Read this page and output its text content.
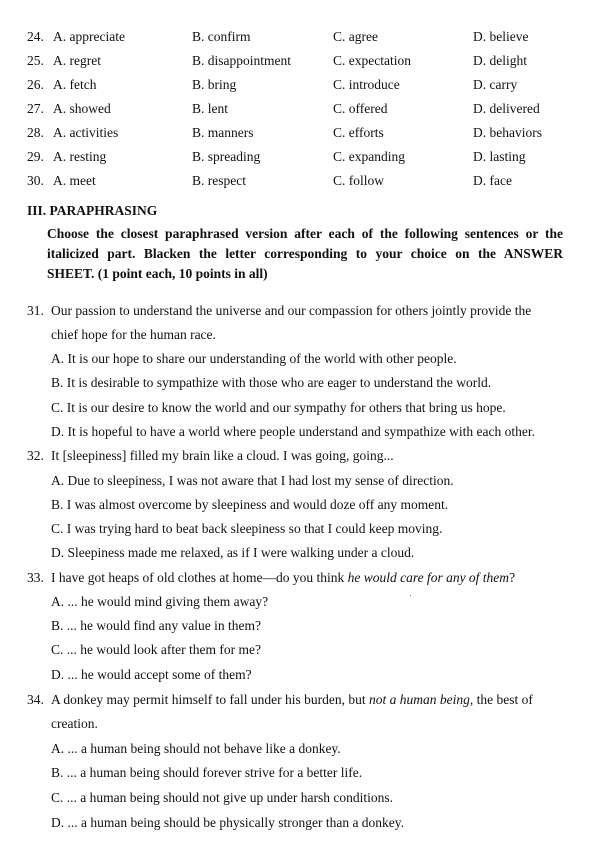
24. A. appreciate	B. confirm	C. agree	D. believe
25. A. regret	B. disappointment	C. expectation	D. delight
26. A. fetch	B. bring	C. introduce	D. carry
27. A. showed	B. lent	C. offered	D. delivered
28. A. activities	B. manners	C. efforts	D. behaviors
29. A. resting	B. spreading	C. expanding	D. lasting
30. A. meet	B. respect	C. follow	D. face
III. PARAPHRASING
Choose the closest paraphrased version after each of the following sentences or the
italicized part. Blacken the letter corresponding to your choice on the ANSWER
SHEET. (1 point each, 10 points in all)
31. Our passion to understand the universe and our compassion for others jointly provide the
chief hope for the human race.
A. It is our hope to share our understanding of the world with other people.
B. It is desirable to sympathize with those who are eager to understand the world.
C. It is our desire to know the world and our sympathy for others that bring us hope.
D. It is hopeful to have a world where people understand and sympathize with each other.
32. It [sleepiness] filled my brain like a cloud. I was going, going...
A. Due to sleepiness, I was not aware that I had lost my sense of direction.
B. I was almost overcome by sleepiness and would doze off any moment.
C. I was trying hard to beat back sleepiness so that I could keep moving.
D. Sleepiness made me relaxed, as if I were walking under a cloud.
33. I have got heaps of old clothes at home—do you think he would care for any of them?
A. ... he would mind giving them away?
B. ... he would find any value in them?
C. ... he would look after them for me?
D. ... he would accept some of them?
34. A donkey may permit himself to fall under his burden, but not a human being, the best of
creation.
A. ... a human being should not behave like a donkey.
B. ... a human being should forever strive for a better life.
C. ... a human being should not give up under harsh conditions.
D. ... a human being should be physically stronger than a donkey.
